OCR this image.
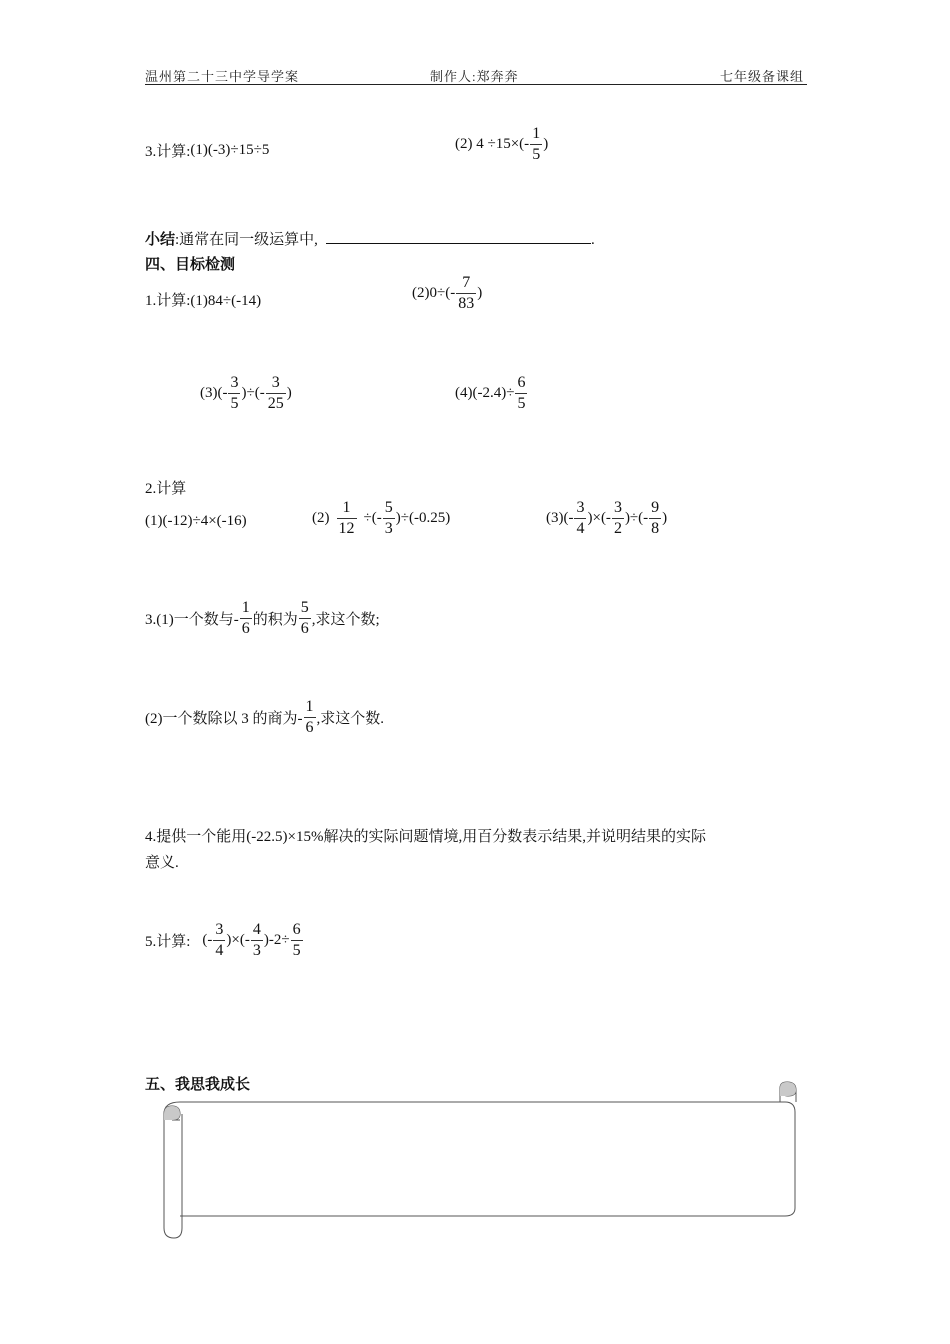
温州第二十三中学导学案	制作人:郑奔奔	七年级备课组
3.计算: (1)(-3)÷15÷5	(2) $4 \div 15\times(- \frac{1}{5}$ )
小结:通常在同一级运算中,	.
四、目标检测
1.计算:(1)84÷(-14)	$(2)0\div(- \frac{7}{83}$ )
$(3)(- \frac{3}{5}$ )÷(- $\frac{3}{25}$ )	$(4)(-2.4)\div \frac{6}{5}$
2.计算
(1)(-12)÷4×(-16)	$(2) \frac{1}{12}$ ÷(- $\frac{5}{3} )\div(-0.25)$	$(3)(- \frac{3}{4}$ )×(- $\frac{3}{2}$ )÷(- $\frac{9}{8}$ )
3.(1)一个数与- $\frac{1}{6}$ 的积为 $\frac{5}{6}$ ,求这个数;
(2)一个数除以 3 的商为- $\frac{1}{6}$ ,求这个数.
4.提供一个能用(-22.5)×15%解决的实际问题情境,用百分数表示结果,并说明结果的实际
意义.
5.计算: (- $\frac{3}{4}$ )×(- $\frac{4}{3} )-2\div \frac{6}{5}$
五、我思我成长
